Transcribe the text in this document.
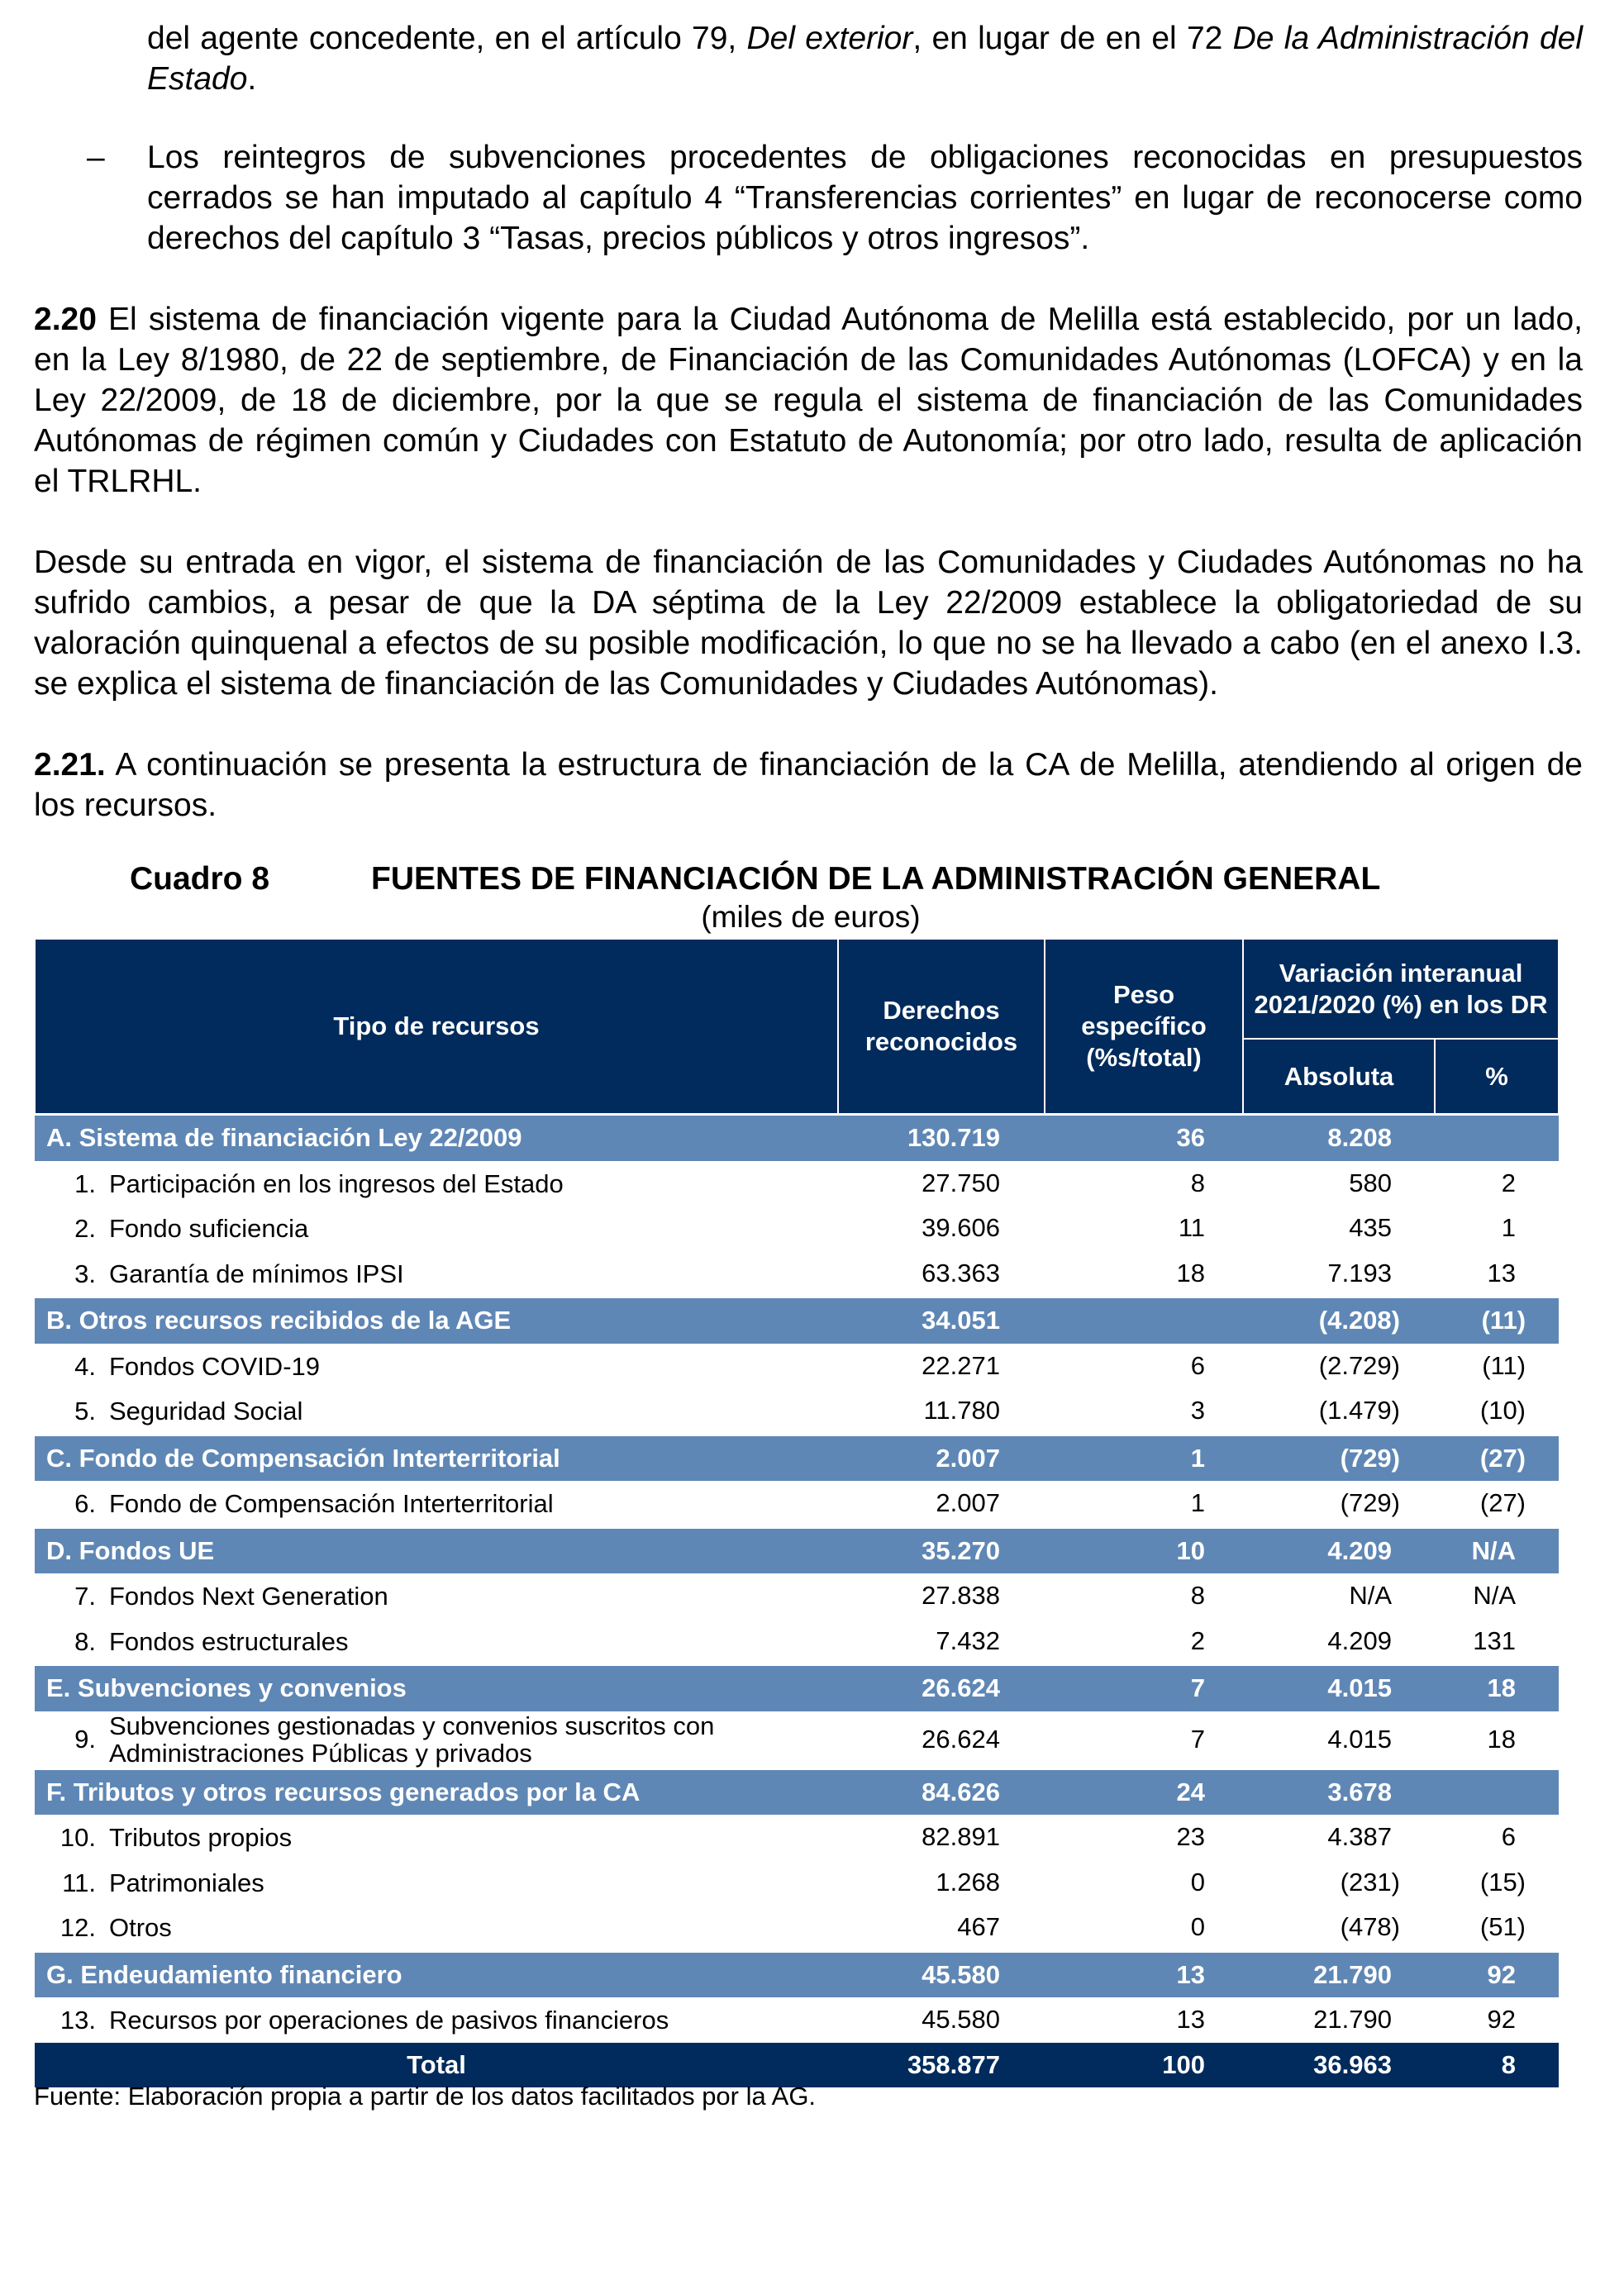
del agente concedente, en el artículo 79, Del exterior, en lugar de en el 72 De la Administración del Estado.

– Los reintegros de subvenciones procedentes de obligaciones reconocidas en presupuestos cerrados se han imputado al capítulo 4 “Transferencias corrientes” en lugar de reconocerse como derechos del capítulo 3 “Tasas, precios públicos y otros ingresos”.

2.20 El sistema de financiación vigente para la Ciudad Autónoma de Melilla está establecido, por un lado, en la Ley 8/1980, de 22 de septiembre, de Financiación de las Comunidades Autónomas (LOFCA) y en la Ley 22/2009, de 18 de diciembre, por la que se regula el sistema de financiación de las Comunidades Autónomas de régimen común y Ciudades con Estatuto de Autonomía; por otro lado, resulta de aplicación el TRLRHL.

Desde su entrada en vigor, el sistema de financiación de las Comunidades y Ciudades Autónomas no ha sufrido cambios, a pesar de que la DA séptima de la Ley 22/2009 establece la obligatoriedad de su valoración quinquenal a efectos de su posible modificación, lo que no se ha llevado a cabo (en el anexo I.3. se explica el sistema de financiación de las Comunidades y Ciudades Autónomas).

2.21. A continuación se presenta la estructura de financiación de la CA de Melilla, atendiendo al origen de los recursos.

Cuadro 8	FUENTES DE FINANCIACIÓN DE LA ADMINISTRACIÓN GENERAL
(miles de euros)
Tipo de recursos	Derechos reconocidos	Peso específico (%s/total)	Variación interanual 2021/2020 (%) en los DR	
			Absoluta	%
A. Sistema de financiación Ley 22/2009	130.719	36	8.208	
1. Participación en los ingresos del Estado	27.750	8	580	2
2. Fondo suficiencia	39.606	11	435	1
3. Garantía de mínimos IPSI	63.363	18	7.193	13
B. Otros recursos recibidos de la AGE	34.051		(4.208)	(11)
4. Fondos COVID-19	22.271	6	(2.729)	(11)
5. Seguridad Social	11.780	3	(1.479)	(10)
C. Fondo de Compensación Interterritorial	2.007	1	(729)	(27)
6. Fondo de Compensación Interterritorial	2.007	1	(729)	(27)
D. Fondos UE	35.270	10	4.209	N/A
7. Fondos Next Generation	27.838	8	N/A	N/A
8. Fondos estructurales	7.432	2	4.209	131
E. Subvenciones y convenios	26.624	7	4.015	18
9. Subvenciones gestionadas y convenios suscritos con Administraciones Públicas y privados	26.624	7	4.015	18
F. Tributos y otros recursos generados por la CA	84.626	24	3.678	
10. Tributos propios	82.891	23	4.387	6
11. Patrimoniales	1.268	0	(231)	(15)
12. Otros	467	0	(478)	(51)
G. Endeudamiento financiero	45.580	13	21.790	92
13. Recursos por operaciones de pasivos financieros	45.580	13	21.790	92
Total	358.877	100	36.963	8
Fuente: Elaboración propia a partir de los datos facilitados por la AG.
